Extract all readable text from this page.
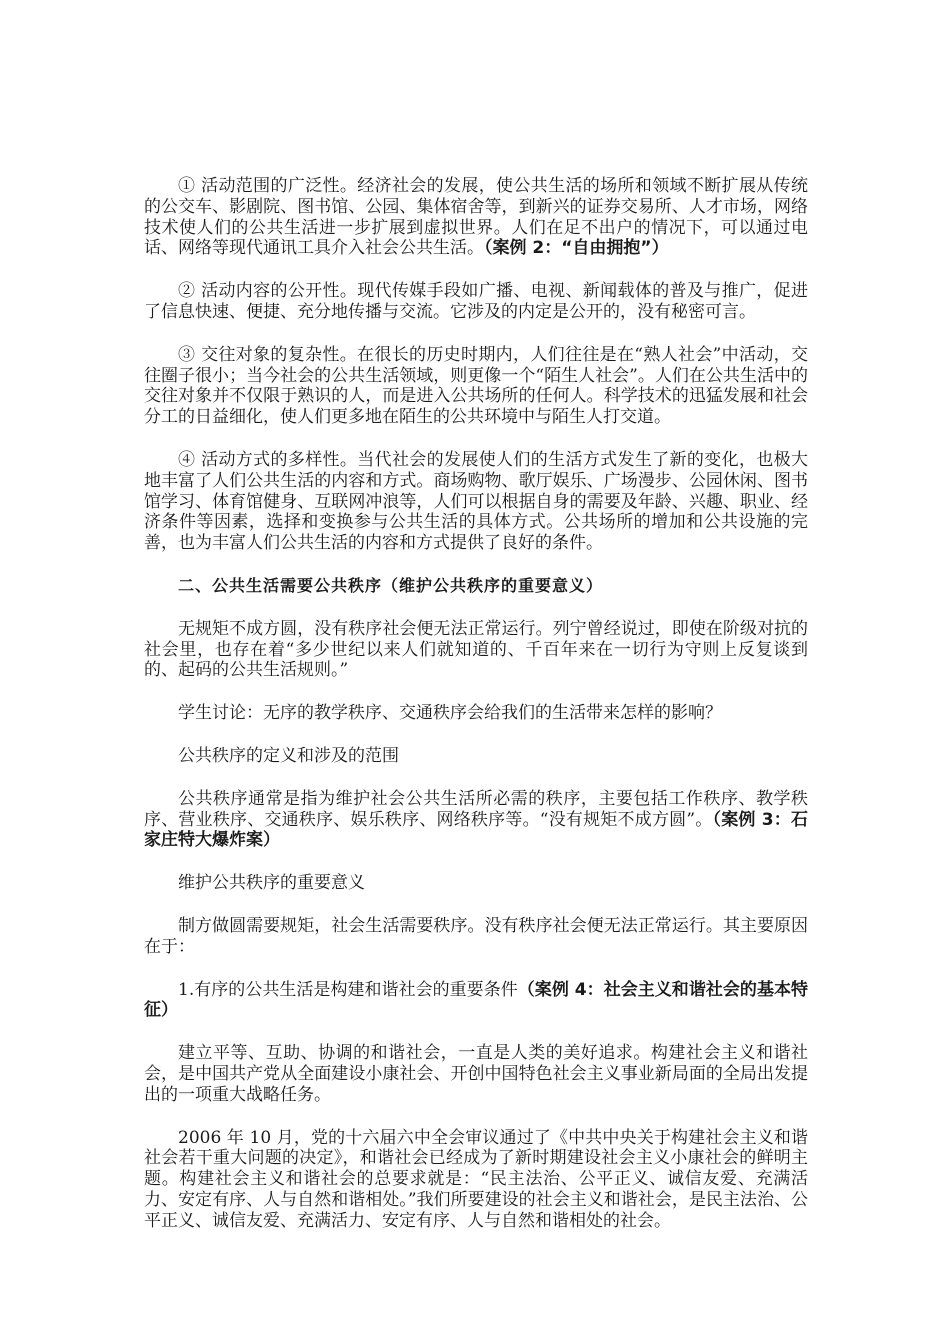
① 活动范围的广泛性。经济社会的发展，使公共生活的场所和领域不断扩展从传统的公交车、影剧院、图书馆、公园、集体宿舍等，到新兴的证券交易所、人才市场，网络技术使人们的公共生活进一步扩展到虚拟世界。人们在足不出户的情况下，可以通过电话、网络等现代通讯工具介入社会公共生活。（案例 2：“自由拥抱”）

② 活动内容的公开性。现代传媒手段如广播、电视、新闻载体的普及与推广，促进了信息快速、便捷、充分地传播与交流。它涉及的内定是公开的，没有秘密可言。

③ 交往对象的复杂性。在很长的历史时期内，人们往往是在“熟人社会”中活动，交往圈子很小；当今社会的公共生活领域，则更像一个“陌生人社会”。人们在公共生活中的交往对象并不仅限于熟识的人，而是进入公共场所的任何人。科学技术的迅猛发展和社会分工的日益细化，使人们更多地在陌生的公共环境中与陌生人打交道。

④ 活动方式的多样性。当代社会的发展使人们的生活方式发生了新的变化，也极大地丰富了人们公共生活的内容和方式。商场购物、歌厅娱乐、广场漫步、公园休闲、图书馆学习、体育馆健身、互联网冲浪等，人们可以根据自身的需要及年龄、兴趣、职业、经济条件等因素，选择和变换参与公共生活的具体方式。公共场所的增加和公共设施的完善，也为丰富人们公共生活的内容和方式提供了良好的条件。

二、公共生活需要公共秩序（维护公共秩序的重要意义）

无规矩不成方圆，没有秩序社会便无法正常运行。列宁曾经说过，即使在阶级对抗的社会里，也存在着“多少世纪以来人们就知道的、千百年来在一切行为守则上反复谈到的、起码的公共生活规则。”

学生讨论：无序的教学秩序、交通秩序会给我们的生活带来怎样的影响？

公共秩序的定义和涉及的范围

公共秩序通常是指为维护社会公共生活所必需的秩序，主要包括工作秩序、教学秩序、营业秩序、交通秩序、娱乐秩序、网络秩序等。“没有规矩不成方圆”。（案例 3：石家庄特大爆炸案）

维护公共秩序的重要意义

制方做圆需要规矩，社会生活需要秩序。没有秩序社会便无法正常运行。其主要原因在于：

1.有序的公共生活是构建和谐社会的重要条件（案例 4：社会主义和谐社会的基本特征）

建立平等、互助、协调的和谐社会，一直是人类的美好追求。构建社会主义和谐社会，是中国共产党从全面建设小康社会、开创中国特色社会主义事业新局面的全局出发提出的一项重大战略任务。

2006 年 10 月，党的十六届六中全会审议通过了《中共中央关于构建社会主义和谐社会若干重大问题的决定》，和谐社会已经成为了新时期建设社会主义小康社会的鲜明主题。构建社会主义和谐社会的总要求就是：“民主法治、公平正义、诚信友爱、充满活力、安定有序、人与自然和谐相处。”我们所要建设的社会主义和谐社会，是民主法治、公平正义、诚信友爱、充满活力、安定有序、人与自然和谐相处的社会。
